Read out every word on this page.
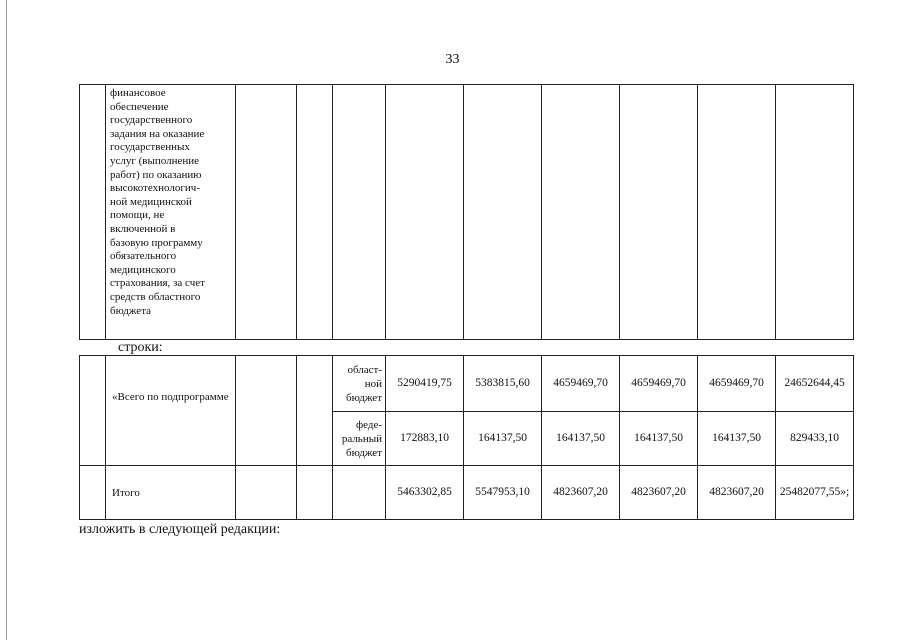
33

финансовое
обеспечение
государственного
задания на оказание
государственных
услуг (выполнение
работ) по оказанию
высокотехнологич-
ной медицинской
помощи, не
включенной в
базовую программу
обязательного
медицинского
страхования, за счет
средств областного
бюджета

строки:
	«Всего по подпрограмме			област-
ной
бюджет	5290419,75	5383815,60	4659469,70	4659469,70	4659469,70	24652644,45
				феде-
ральный
бюджет	172883,10	164137,50	164137,50	164137,50	164137,50	829433,10
	Итого				5463302,85	5547953,10	4823607,20	4823607,20	4823607,20	25482077,55»;
изложить в следующей редакции:
